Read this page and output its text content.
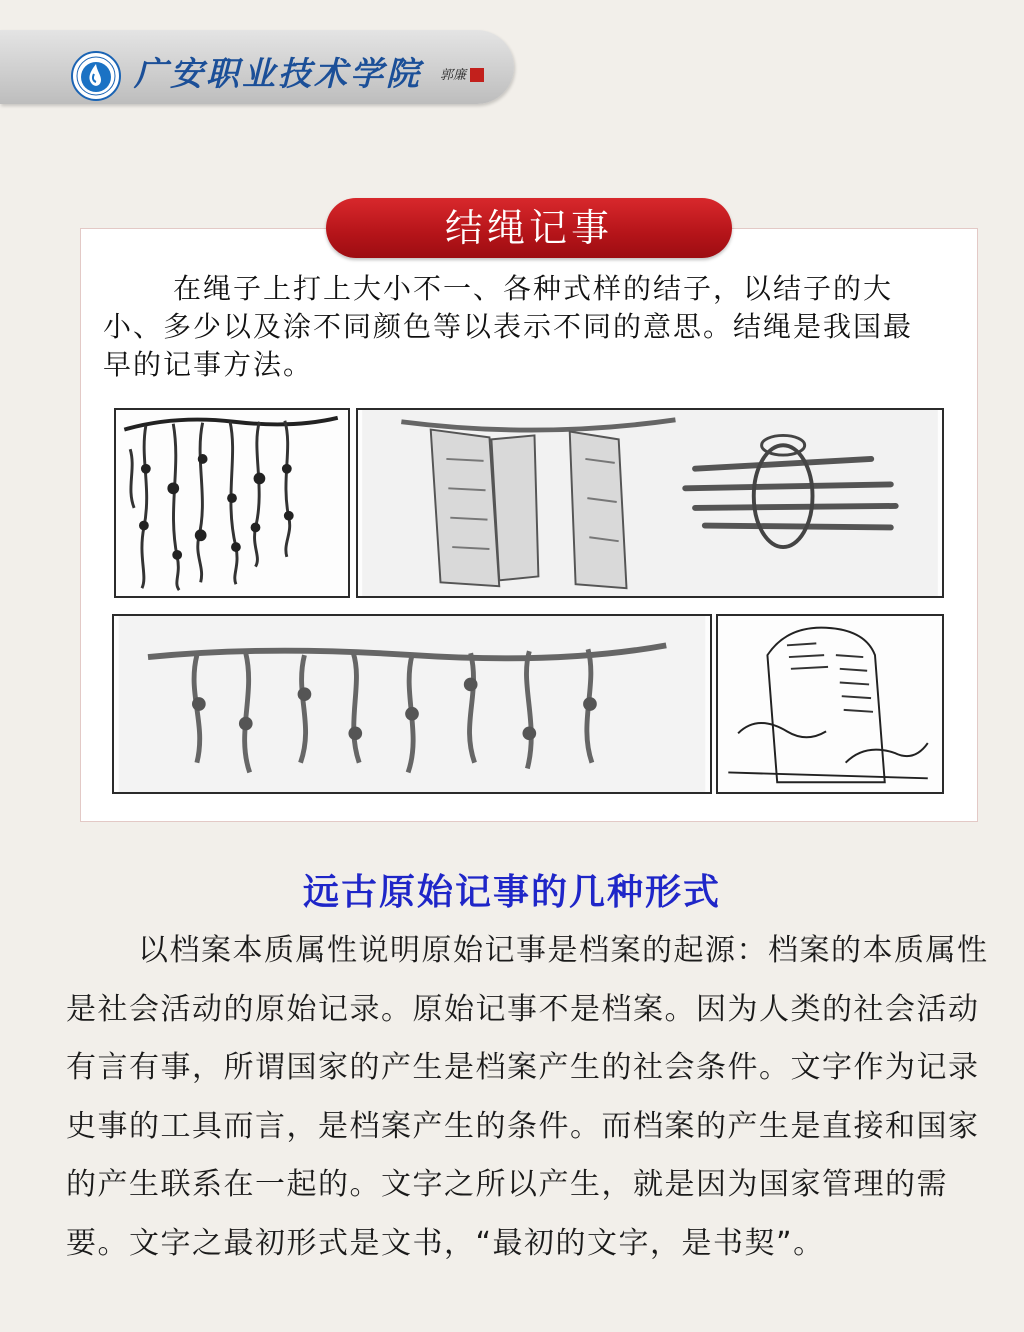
广安职业技术学院 郭廉
结绳记事

在绳子上打上大小不一、各种式样的结子，以结子的大小、多少以及涂不同颜色等以表示不同的意思。结绳是我国最早的记事方法。

远古原始记事的几种形式

以档案本质属性说明原始记事是档案的起源：档案的本质属性是社会活动的原始记录。原始记事不是档案。因为人类的社会活动有言有事，所谓国家的产生是档案产生的社会条件。文字作为记录史事的工具而言，是档案产生的条件。而档案的产生是直接和国家的产生联系在一起的。文字之所以产生，就是因为国家管理的需要。文字之最初形式是文书，“最初的文字，是书契”。
